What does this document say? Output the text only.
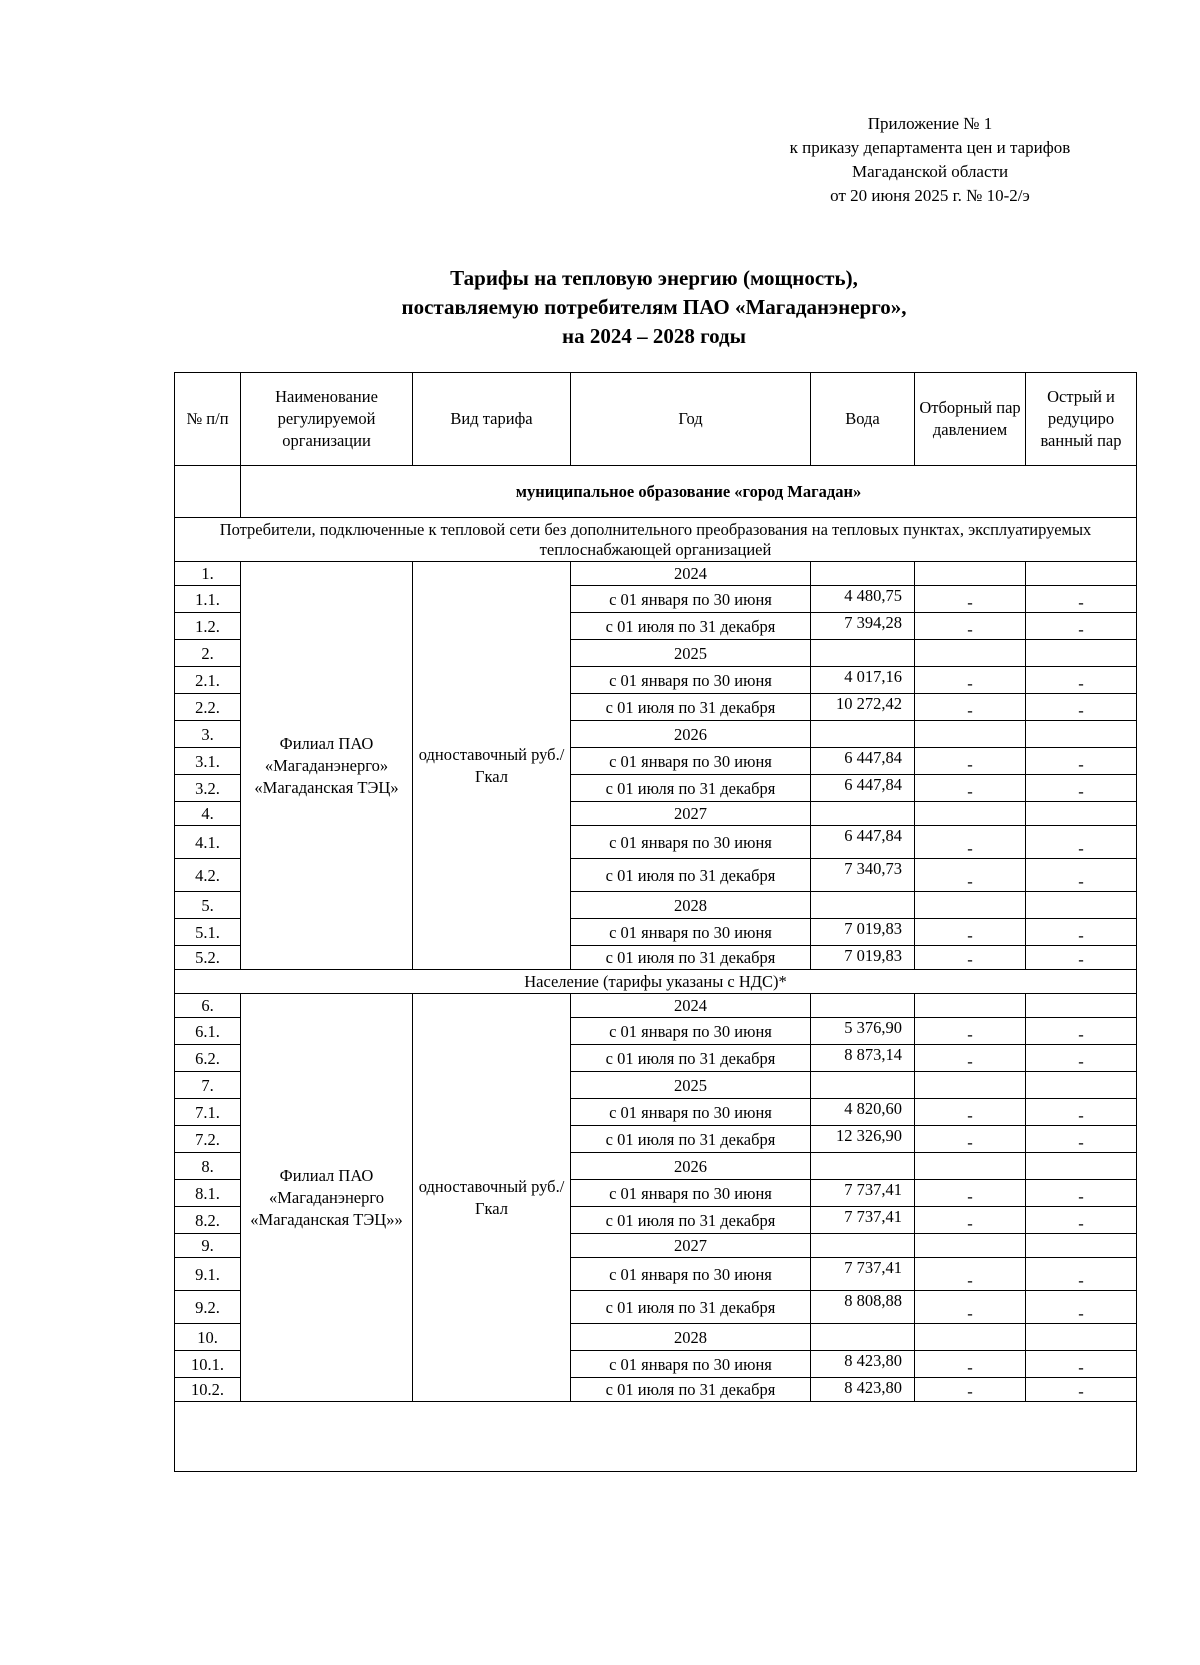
Приложение № 1
к приказу департамента цен и тарифов
Магаданской области
от 20 июня 2025 г. № 10-2/э
Тарифы на тепловую энергию (мощность),
поставляемую потребителям ПАО «Магаданэнерго»,
на 2024 – 2028 годы
№ п/п	Наименование регулируемой организации	Вид тарифа	Год	Вода	Отборный пар давлением	Острый и редуциро ванный пар
	муниципальное образование «город Магадан»					
Потребители, подключенные к тепловой сети без дополнительного преобразования на тепловых пунктах, эксплуатируемых теплоснабжающей организацией						
1.	Филиал ПАО «Магаданэнерго» «Магаданская ТЭЦ»	одноставочный руб./Гкал	2024			
1.1.			с 01 января по 30 июня	4 480,75	-	-
1.2.			с 01 июля по 31 декабря	7 394,28	-	-
2.			2025			
2.1.			с 01 января по 30 июня	4 017,16	-	-
2.2.			с 01 июля по 31 декабря	10 272,42	-	-
3.			2026			
3.1.			с 01 января по 30 июня	6 447,84	-	-
3.2.			с 01 июля по 31 декабря	6 447,84	-	-
4.			2027			
4.1.			с 01 января по 30 июня	6 447,84	-	-
4.2.			с 01 июля по 31 декабря	7 340,73	-	-
5.			2028			
5.1.			с 01 января по 30 июня	7 019,83	-	-
5.2.			с 01 июля по 31 декабря	7 019,83	-	-
Население (тарифы указаны с НДС)*						
6.	Филиал ПАО «Магаданэнерго «Магаданская ТЭЦ»»	одноставочный руб./Гкал	2024			
6.1.			с 01 января по 30 июня	5 376,90	-	-
6.2.			с 01 июля по 31 декабря	8 873,14	-	-
7.			2025			
7.1.			с 01 января по 30 июня	4 820,60	-	-
7.2.			с 01 июля по 31 декабря	12 326,90	-	-
8.			2026			
8.1.			с 01 января по 30 июня	7 737,41	-	-
8.2.			с 01 июля по 31 декабря	7 737,41	-	-
9.			2027			
9.1.			с 01 января по 30 июня	7 737,41	-	-
9.2.			с 01 июля по 31 декабря	8 808,88	-	-
10.			2028			
10.1.			с 01 января по 30 июня	8 423,80	-	-
10.2.			с 01 июля по 31 декабря	8 423,80	-	-
